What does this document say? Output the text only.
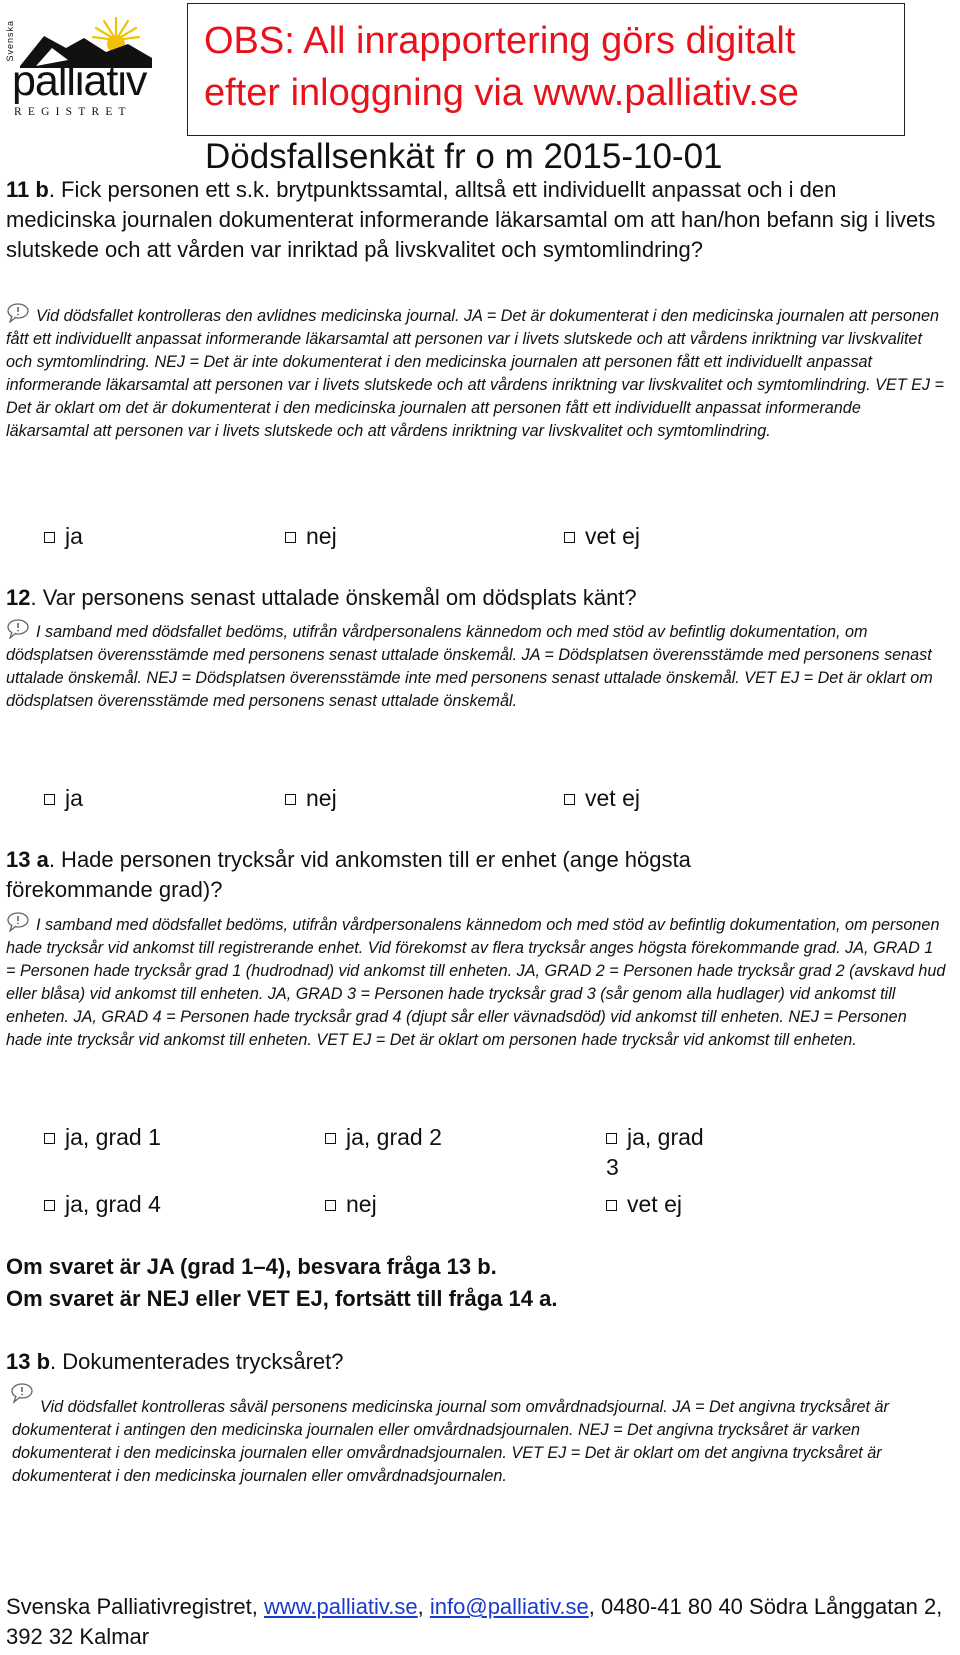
Svenska
palliativ
REGISTRET

OBS: All inrapportering görs digitalt

efter inloggning via www.palliativ.se

Dödsfallsenkät fr o m 2015-10-01
11 b. Fick personen ett s.k. brytpunktssamtal, alltså ett individuellt anpassat och i den medicinska journalen dokumenterat informerande läkarsamtal om att han/hon befann sig i livets slutskede och att vården var inriktad på livskvalitet och symtomlindring?
Vid dödsfallet kontrolleras den avlidnes medicinska journal. JA = Det är dokumenterat i den medicinska journalen att personen fått ett individuellt anpassat informerande läkarsamtal att personen var i livets slutskede och att vårdens inriktning var livskvalitet och symtomlindring. NEJ = Det är inte dokumenterat i den medicinska journalen att personen fått ett individuellt anpassat informerande läkarsamtal att personen var i livets slutskede och att vårdens inriktning var livskvalitet och symtomlindring. VET EJ = Det är oklart om det är dokumenterat i den medicinska journalen att personen fått ett individuellt anpassat informerande läkarsamtal att personen var i livets slutskede och att vårdens inriktning var livskvalitet och symtomlindring.
ja	nej	vet ej
12. Var personens senast uttalade önskemål om dödsplats känt?
I samband med dödsfallet bedöms, utifrån vårdpersonalens kännedom och med stöd av befintlig dokumentation, om dödsplatsen överensstämde med personens senast uttalade önskemål. JA = Dödsplatsen överensstämde med personens senast uttalade önskemål. NEJ = Dödsplatsen överensstämde inte med personens senast uttalade önskemål. VET EJ = Det är oklart om dödsplatsen överensstämde med personens senast uttalade önskemål.
ja	nej	vet ej
13 a. Hade personen trycksår vid ankomsten till er enhet (ange högsta förekommande grad)?
I samband med dödsfallet bedöms, utifrån vårdpersonalens kännedom och med stöd av befintlig dokumentation, om personen hade trycksår vid ankomst till registrerande enhet. Vid förekomst av flera trycksår anges högsta förekommande grad. JA, GRAD 1 = Personen hade trycksår grad 1 (hudrodnad) vid ankomst till enheten. JA, GRAD 2 = Personen hade trycksår grad 2 (avskavd hud eller blåsa) vid ankomst till enheten. JA, GRAD 3 = Personen hade trycksår grad 3 (sår genom alla hudlager) vid ankomst till enheten. JA, GRAD 4 = Personen hade trycksår grad 4 (djupt sår eller vävnadsdöd) vid ankomst till enheten. NEJ = Personen hade inte trycksår vid ankomst till enheten. VET EJ = Det är oklart om personen hade trycksår vid ankomst till enheten.
ja, grad 1	ja, grad 2	ja, grad 3
ja, grad 4	nej	vet ej
Om svaret är JA (grad 1–4), besvara fråga 13 b.
Om svaret är NEJ eller VET EJ, fortsätt till fråga 14 a.
13 b. Dokumenterades trycksåret?
Vid dödsfallet kontrolleras såväl personens medicinska journal som omvårdnadsjournal. JA = Det angivna trycksåret är dokumenterat i antingen den medicinska journalen eller omvårdnadsjournalen. NEJ = Det angivna trycksåret är varken dokumenterat i den medicinska journalen eller omvårdnadsjournalen. VET EJ = Det är oklart om det angivna trycksåret är dokumenterat i den medicinska journalen eller omvårdnadsjournalen.
Svenska Palliativregistret, www.palliativ.se, info@palliativ.se, 0480-41 80 40 Södra Långgatan 2, 392 32 Kalmar
